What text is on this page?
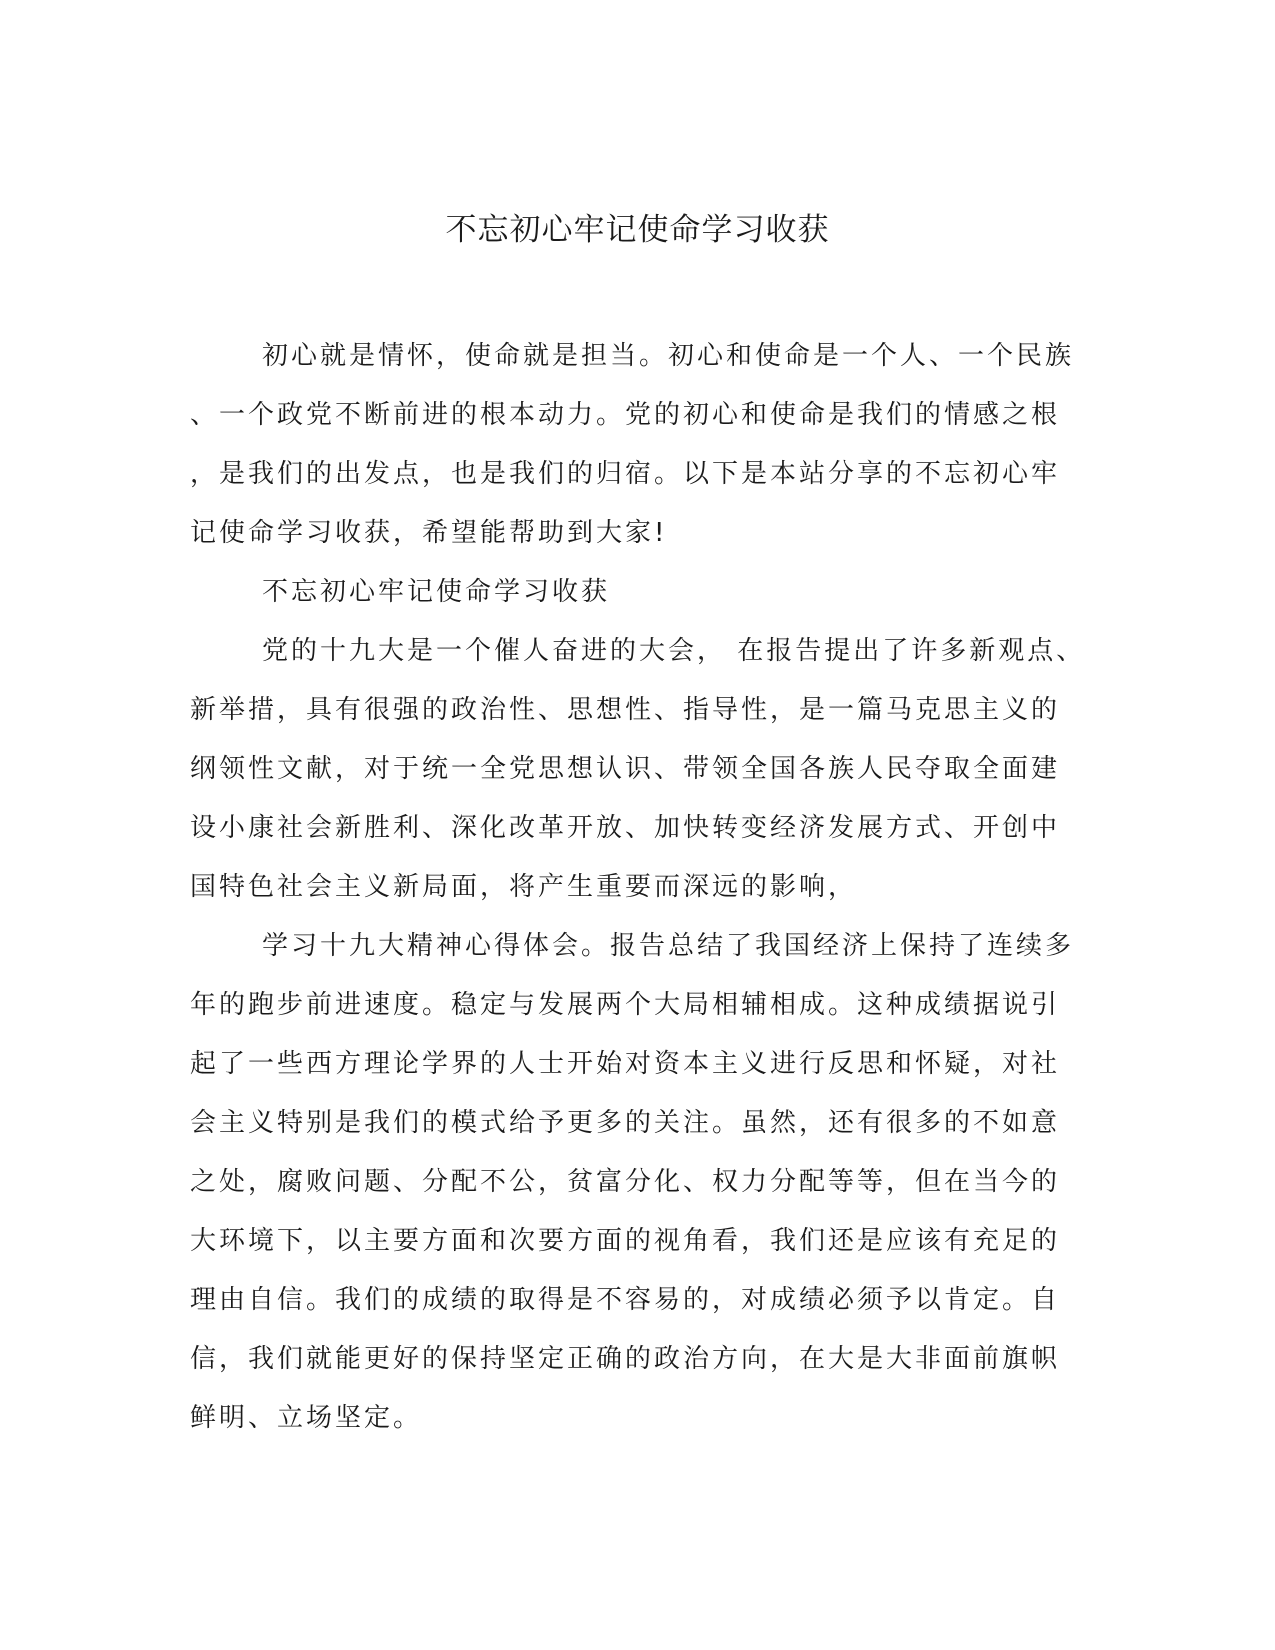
不忘初心牢记使命学习收获

初心就是情怀，使命就是担当。初心和使命是一个人、一个民族

、一个政党不断前进的根本动力。党的初心和使命是我们的情感之根

，是我们的出发点，也是我们的归宿。以下是本站分享的不忘初心牢

记使命学习收获，希望能帮助到大家!

不忘初心牢记使命学习收获

党的十九大是一个催人奋进的大会， 在报告提出了许多新观点、

新举措，具有很强的政治性、思想性、指导性，是一篇马克思主义的

纲领性文献，对于统一全党思想认识、带领全国各族人民夺取全面建

设小康社会新胜利、深化改革开放、加快转变经济发展方式、开创中

国特色社会主义新局面，将产生重要而深远的影响，

学习十九大精神心得体会。报告总结了我国经济上保持了连续多

年的跑步前进速度。稳定与发展两个大局相辅相成。这种成绩据说引

起了一些西方理论学界的人士开始对资本主义进行反思和怀疑，对社

会主义特别是我们的模式给予更多的关注。虽然，还有很多的不如意

之处，腐败问题、分配不公，贫富分化、权力分配等等，但在当今的

大环境下，以主要方面和次要方面的视角看，我们还是应该有充足的

理由自信。我们的成绩的取得是不容易的，对成绩必须予以肯定。自

信，我们就能更好的保持坚定正确的政治方向，在大是大非面前旗帜

鲜明、立场坚定。
